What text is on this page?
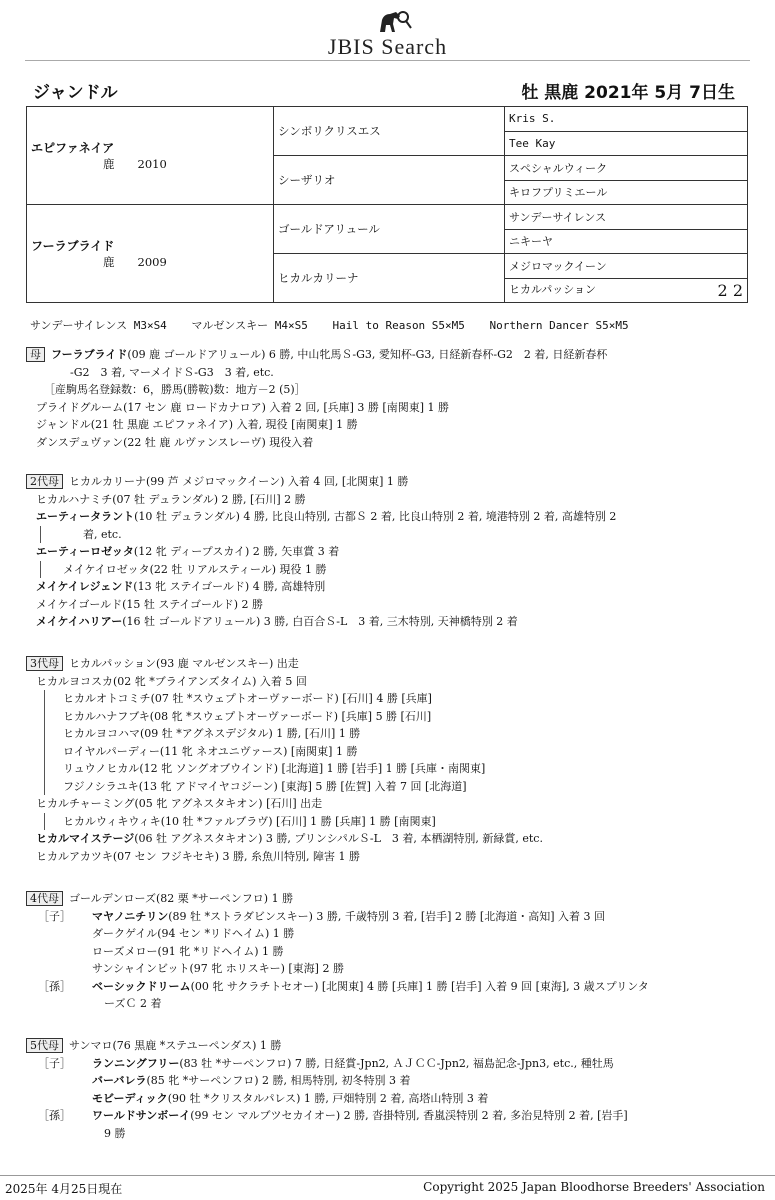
JBIS Search
ジャンドル	牡 黒鹿 2021年 5月 7日生
エピファネイア
鹿　　2010	シンボリクリスエス	Kris S.
		Tee Kay
	シーザリオ	スペシャルウィーク
		キロフプリミエール
フーラブライド
鹿　　2009	ゴールドアリュール	サンデーサイレンス
		ニキーヤ
	ヒカルカリーナ	メジロマックイーン

		ヒカルパッション 2 2
サンデーサイレンス M3×S4 マルゼンスキー M4×S5 Hail to Reason S5×M5 Northern Dancer S5×M5
母 フーラブライド(09 鹿 ゴールドアリュール) 6 勝, 中山牝馬Ｓ-G3, 愛知杯-G3, 日経新春杯-G2　2 着, 日経新春杯
-G2　3 着, マーメイドＳ-G3　3 着, etc.
［産駒馬名登録数：6，勝馬(勝鞍)数：地方－2 (5)］
プライドグルーム(17 セン 鹿 ロードカナロア) 入着 2 回, [兵庫] 3 勝 [南関東] 1 勝
ジャンドル(21 牡 黒鹿 エピファネイア) 入着, 現役 [南関東] 1 勝
ダンスデュヴァン(22 牡 鹿 ルヴァンスレーヴ) 現役入着
2代母 ヒカルカリーナ(99 芦 メジロマックイーン) 入着 4 回, [北関東] 1 勝
ヒカルハナミチ(07 牡 デュランダル) 2 勝, [石川] 2 勝
エーティータラント(10 牡 デュランダル) 4 勝, 比良山特別, 古都Ｓ 2 着, 比良山特別 2 着, 境港特別 2 着, 高雄特別 2
着, etc.
エーティーロゼッタ(12 牝 ディープスカイ) 2 勝, 矢車賞 3 着
メイケイロゼッタ(22 牡 リアルスティール) 現役 1 勝
メイケイレジェンド(13 牝 ステイゴールド) 4 勝, 高雄特別
メイケイゴールド(15 牡 ステイゴールド) 2 勝
メイケイハリアー(16 牡 ゴールドアリュール) 3 勝, 白百合Ｓ-L　3 着, 三木特別, 天神橋特別 2 着
3代母 ヒカルパッション(93 鹿 マルゼンスキー) 出走
ヒカルヨコスカ(02 牝 *ブライアンズタイム) 入着 5 回
ヒカルオトコミチ(07 牡 *スウェプトオーヴァーボード) [石川] 4 勝 [兵庫]
ヒカルハナフブキ(08 牝 *スウェプトオーヴァーボード) [兵庫] 5 勝 [石川]
ヒカルヨコハマ(09 牡 *アグネスデジタル) 1 勝, [石川] 1 勝
ロイヤルパーディー(11 牝 ネオユニヴァース) [南関東] 1 勝
リュウノヒカル(12 牝 ソングオブウインド) [北海道] 1 勝 [岩手] 1 勝 [兵庫・南関東]
フジノシラユキ(13 牝 アドマイヤコジーン) [東海] 5 勝 [佐賀] 入着 7 回 [北海道]
ヒカルチャーミング(05 牝 アグネスタキオン) [石川] 出走
ヒカルウィキウィキ(10 牡 *ファルブラヴ) [石川] 1 勝 [兵庫] 1 勝 [南関東]
ヒカルマイステージ(06 牡 アグネスタキオン) 3 勝, プリンシパルＳ-L　3 着, 本栖湖特別, 新緑賞, etc.
ヒカルアカツキ(07 セン フジキセキ) 3 勝, 糸魚川特別, 障害 1 勝
4代母 ゴールデンローズ(82 栗 *サーペンフロ) 1 勝
［子］ マヤノニチリン(89 牡 *ストラダビンスキー) 3 勝, 千歳特別 3 着, [岩手] 2 勝 [北海道・高知] 入着 3 回
ダークゲイル(94 セン *リドヘイム) 1 勝
ローズメロー(91 牝 *リドヘイム) 1 勝
サンシャインビット(97 牝 ホリスキー) [東海] 2 勝
［孫］ ベーシックドリーム(00 牝 サクラチトセオー) [北関東] 4 勝 [兵庫] 1 勝 [岩手] 入着 9 回 [東海], 3 歳スプリンタ
ーズＣ 2 着
5代母 サンマロ(76 黒鹿 *ステユーペンダス) 1 勝
［子］ ランニングフリー(83 牡 *サーペンフロ) 7 勝, 日経賞-Jpn2, ＡＪＣＣ-Jpn2, 福島記念-Jpn3, etc., 種牡馬
バーバレラ(85 牝 *サーペンフロ) 2 勝, 相馬特別, 初冬特別 3 着
モビーディック(90 牡 *クリスタルパレス) 1 勝, 戸畑特別 2 着, 高塔山特別 3 着
［孫］ ワールドサンボーイ(99 セン マルブツセカイオー) 2 勝, 沓掛特別, 香嵐渓特別 2 着, 多治見特別 2 着, [岩手]
9 勝
2025年 4月25日現在	Copyright 2025 Japan Bloodhorse Breeders' Association
